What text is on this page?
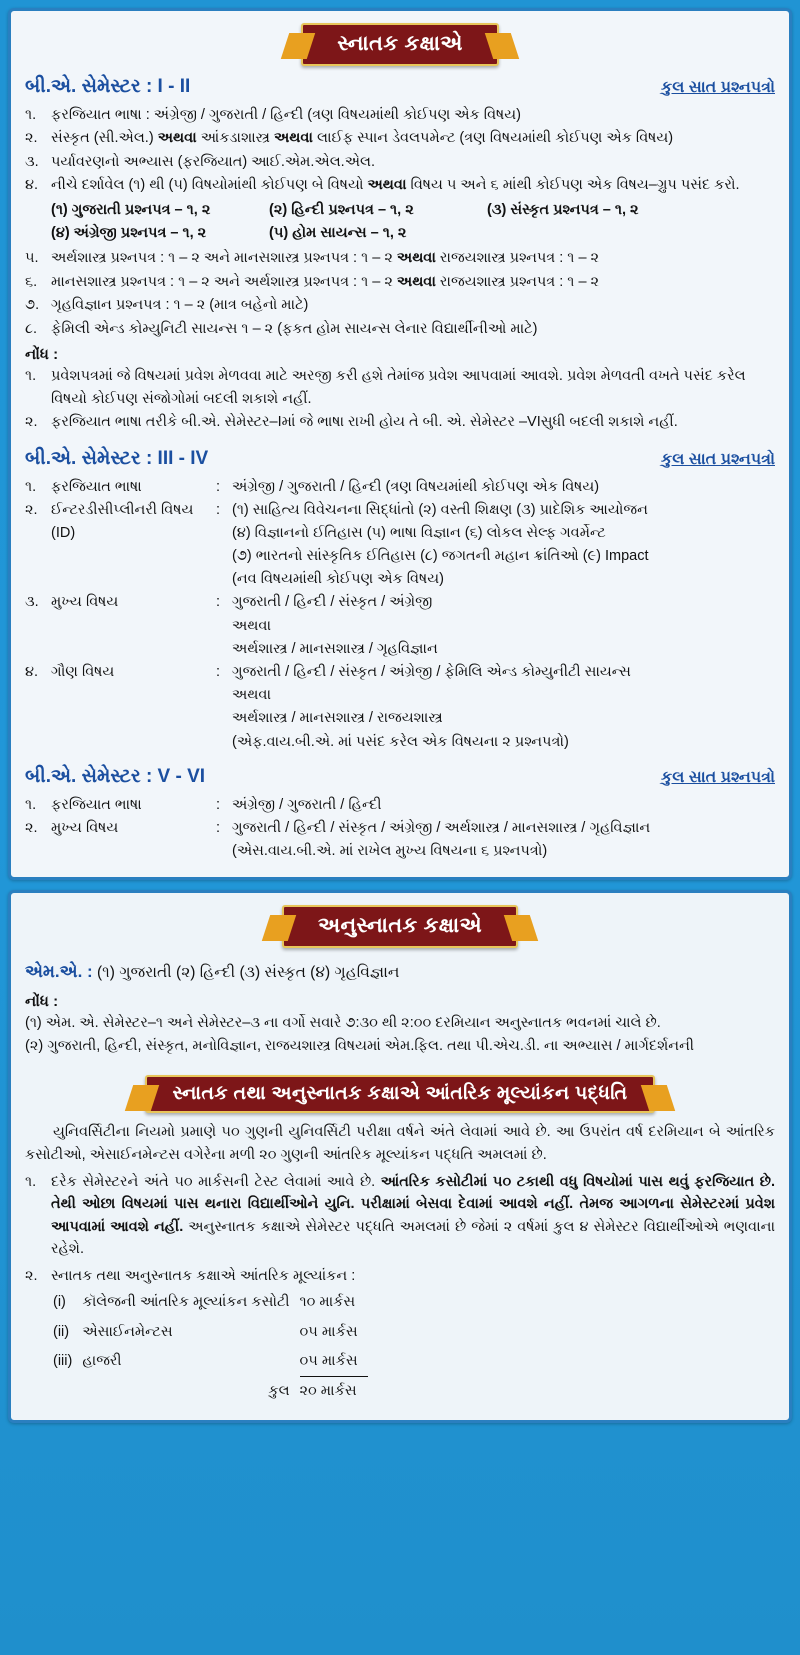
સ્નાતક કક્ષાએ
બી.એ. સેમેસ્ટર : I - II	કુલ સાત પ્રશ્નપત્રો
૧.	ફરજિયાત ભાષા : અંગ્રેજી / ગુજરાતી / હિન્દી (ત્રણ વિષયમાંથી કોઈપણ એક વિષય)
૨. સંસ્કૃત (સી.એલ.) અથવા આંકડાશાસ્ત્ર અથવા લાઈફ સ્પાન ડેવલપમેન્ટ (ત્રણ વિષયમાંથી કોઈપણ એક વિષય)
૩. પર્યાવરણનો અભ્યાસ (ફરજિયાત) આઈ.એમ.એલ.એલ.
૪. નીચે દર્શાવેલ (૧) થી (૫) વિષયોમાંથી કોઈપણ બે વિષયો અથવા વિષય ૫ અને ૬ માંથી કોઈપણ એક વિષય–ગ્રુપ પસંદ કરો.
(૧) ગુજરાતી પ્રશ્નપત્ર – ૧, ૨	(૨) હિન્દી પ્રશ્નપત્ર – ૧, ૨	(૩) સંસ્કૃત પ્રશ્નપત્ર – ૧, ૨
(૪) અંગ્રેજી પ્રશ્નપત્ર – ૧, ૨	(૫) હોમ સાયન્સ – ૧, ૨
૫. અર્થશાસ્ત્ર પ્રશ્નપત્ર : ૧ – ૨ અને માનસશાસ્ત્ર પ્રશ્નપત્ર : ૧ – ૨ અથવા રાજયશાસ્ત્ર પ્રશ્નપત્ર : ૧ – ૨
૬. માનસશાસ્ત્ર પ્રશ્નપત્ર : ૧ – ૨ અને અર્થશાસ્ત્ર પ્રશ્નપત્ર : ૧ – ૨ અથવા રાજયશાસ્ત્ર પ્રશ્નપત્ર : ૧ – ૨
૭. ગૃહવિજ્ઞાન પ્રશ્નપત્ર : ૧ – ૨ (માત્ર બહેનો માટે)
૮. ફેમિલી એન્ડ કોમ્યુનિટી સાયન્સ ૧ – ૨ (ફકત હોમ સાયન્સ લેનાર વિદ્યાર્થીનીઓ માટે)
નોંધ :
૧.	પ્રવેશપત્રમાં જે વિષયમાં પ્રવેશ મેળવવા માટે અરજી કરી હશે તેમાંજ પ્રવેશ આપવામાં આવશે. પ્રવેશ મેળવતી વખતે પસંદ કરેલ વિષયો કોઈપણ સંજોગોમાં બદલી શકાશે નહીં.
૨. ફરજિયાત ભાષા તરીકે બી.એ. સેમેસ્ટર–Iમાં જે ભાષા રાખી હોય તે બી. એ. સેમેસ્ટર –VIસુધી બદલી શકાશે નહીં.
બી.એ. સેમેસ્ટર : III - IV	કુલ સાત પ્રશ્નપત્રો
૧.	ફરજિયાત ભાષા	: અંગ્રેજી / ગુજરાતી / હિન્દી (ત્રણ વિષયમાંથી કોઈપણ એક વિષય)
૨. ઈન્ટરડીસીપ્લીનરી વિષય	: (૧) સાહિત્ય વિવેચનના સિદ્ધાંતો (૨) વસ્તી શિક્ષણ (૩) પ્રાદેશિક આયોજન
(ID)	(૪) વિજ્ઞાનનો ઈતિહાસ (૫) ભાષા વિજ્ઞાન (૬) લોકલ સેલ્ફ ગવર્મેન્ટ
(૭) ભારતનો સાંસ્કૃતિક ઈતિહાસ (૮) જગતની મહાન ક્રાંતિઓ (૯) Impact
(નવ વિષયમાંથી કોઈપણ એક વિષય)
૩. મુખ્ય વિષય	: ગુજરાતી / હિન્દી / સંસ્કૃત / અંગ્રેજી
અથવા
અર્થશાસ્ત્ર / માનસશાસ્ત્ર / ગૃહવિજ્ઞાન
૪. ગૌણ વિષય	: ગુજરાતી / હિન્દી / સંસ્કૃત / અંગ્રેજી / ફેમિલિ એન્ડ કોમ્યુનીટી સાયન્સ
અથવા
અર્થશાસ્ત્ર / માનસશાસ્ત્ર / રાજયશાસ્ત્ર
(એફ.વાય.બી.એ. માં પસંદ કરેલ એક વિષયના ૨ પ્રશ્નપત્રો)
બી.એ. સેમેસ્ટર : V - VI	કુલ સાત પ્રશ્નપત્રો
૧.	ફરજિયાત ભાષા	: અંગ્રેજી / ગુજરાતી / હિન્દી
૨. મુખ્ય વિષય	: ગુજરાતી / હિન્દી / સંસ્કૃત / અંગ્રેજી / અર્થશાસ્ત્ર / માનસશાસ્ત્ર / ગૃહવિજ્ઞાન
(એસ.વાય.બી.એ. માં રાખેલ મુખ્ય વિષયના ૬ પ્રશ્નપત્રો)
અનુસ્નાતક કક્ષાએ
એમ.એ. : (૧) ગુજરાતી (૨) હિન્દી (૩) સંસ્કૃત (૪) ગૃહવિજ્ઞાન
નોંધ :
(૧) એમ. એ. સેમેસ્ટર–૧ અને સેમેસ્ટર–૩ ના વર્ગો સવારે ૭:૩૦ થી ૨:૦૦ દરમિયાન અનુસ્નાતક ભવનમાં ચાલે છે.
(૨) ગુજરાતી, હિન્દી, સંસ્કૃત, મનોવિજ્ઞાન, રાજયશાસ્ત્ર વિષયમાં એમ.ફિલ. તથા પી.એચ.ડી. ના અભ્યાસ / માર્ગદર્શનની
સ્નાતક તથા અનુસ્નાતક કક્ષાએ આંતરિક મૂલ્યાંકન પદ્ધતિ
યુનિવર્સિટીના નિયમો પ્રમાણે ૫૦ ગુણની યુનિવર્સિટી પરીક્ષા વર્ષને અંતે લેવામાં આવે છે. આ ઉપરાંત વર્ષ દરમિયાન બે આંતરિક કસોટીઓ, એસાઈનમેન્ટસ વગેરેના મળી ૨૦ ગુણની આંતરિક મૂલ્યાંકન પદ્ધતિ અમલમાં છે.
૧.	દરેક સેમેસ્ટરને અંતે ૫૦ માર્કસની ટેસ્ટ લેવામાં આવે છે. આંતરિક કસોટીમાં ૫૦ ટકાથી વધુ વિષયોમાં પાસ થવું ફરજિયાત છે. તેથી ઓછા વિષયમાં પાસ થનારા વિદ્યાર્થીઓને યુનિ. પરીક્ષામાં બેસવા દેવામાં આવશે નહીં. તેમજ આગળના સેમેસ્ટરમાં પ્રવેશ આપવામાં આવશે નહીં. અનુસ્નાતક કક્ષાએ સેમેસ્ટર પદ્ધતિ અમલમાં છે જેમાં ૨ વર્ષમાં કુલ ૪ સેમેસ્ટર વિદ્યાર્થીઓએ ભણવાના રહેશે.
૨. સ્નાતક તથા અનુસ્નાતક કક્ષાએ આંતરિક મૂલ્યાંકન :
(i)	કૉલેજની આંતરિક મૂલ્યાંકન કસોટી	૧૦ માર્કસ
(ii)	એસાઈનમેન્ટસ	૦૫ માર્કસ
(iii)	હાજરી	૦૫ માર્કસ
	કુલ	૨૦ માર્કસ
